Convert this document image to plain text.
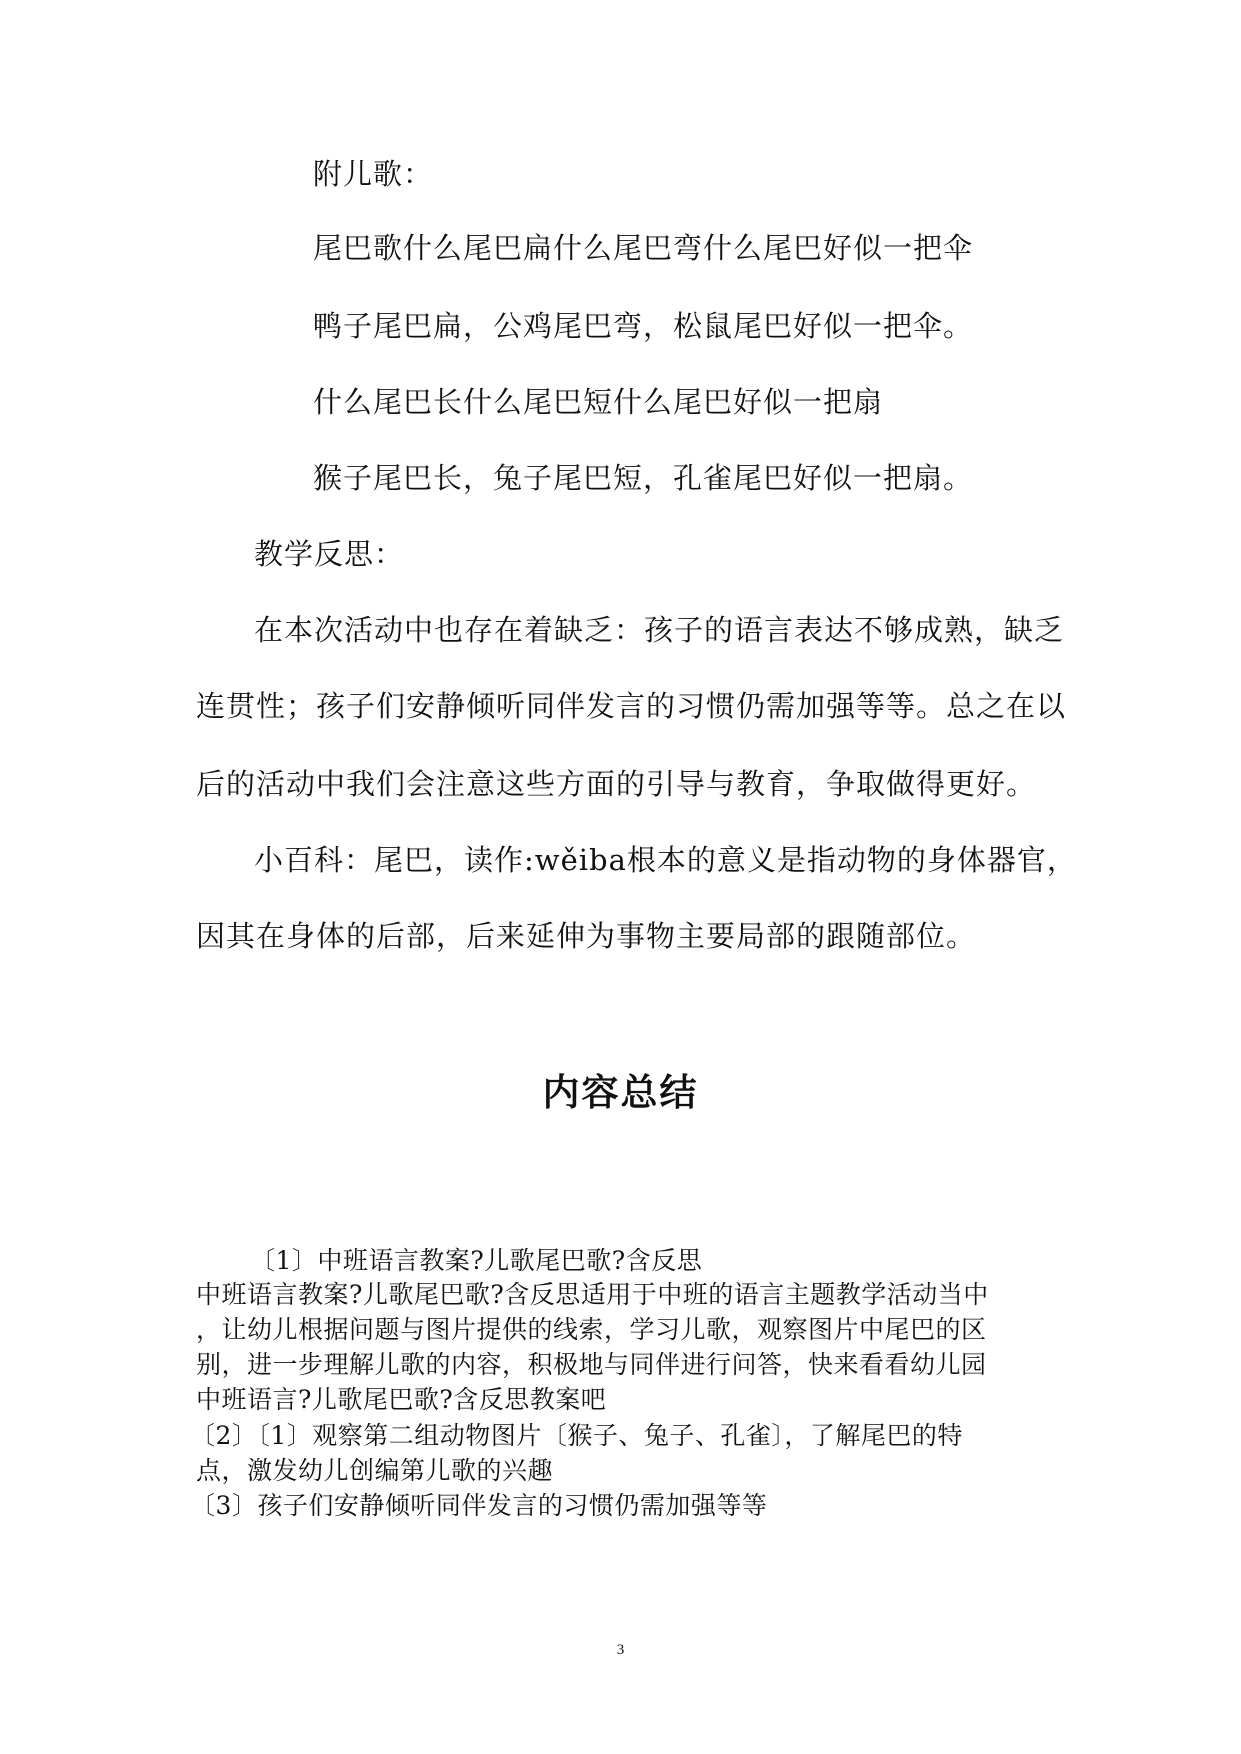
附儿歌：

尾巴歌什么尾巴扁什么尾巴弯什么尾巴好似一把伞

鸭子尾巴扁，公鸡尾巴弯，松鼠尾巴好似一把伞。

什么尾巴长什么尾巴短什么尾巴好似一把扇

猴子尾巴长，兔子尾巴短，孔雀尾巴好似一把扇。

教学反思：

在本次活动中也存在着缺乏：孩子的语言表达不够成熟，缺乏

连贯性；孩子们安静倾听同伴发言的习惯仍需加强等等。总之在以

后的活动中我们会注意这些方面的引导与教育，争取做得更好。

小百科：尾巴，读作:wěiba根本的意义是指动物的身体器官，

因其在身体的后部，后来延伸为事物主要局部的跟随部位。

内容总结

〔1〕中班语言教案?儿歌尾巴歌?含反思

中班语言教案?儿歌尾巴歌?含反思适用于中班的语言主题教学活动当中

，让幼儿根据问题与图片提供的线索，学习儿歌，观察图片中尾巴的区

别，进一步理解儿歌的内容，积极地与同伴进行问答，快来看看幼儿园

中班语言?儿歌尾巴歌?含反思教案吧

〔2〕〔1〕观察第二组动物图片〔猴子、兔子、孔雀〕，了解尾巴的特

点，激发幼儿创编第儿歌的兴趣

〔3〕孩子们安静倾听同伴发言的习惯仍需加强等等

3
